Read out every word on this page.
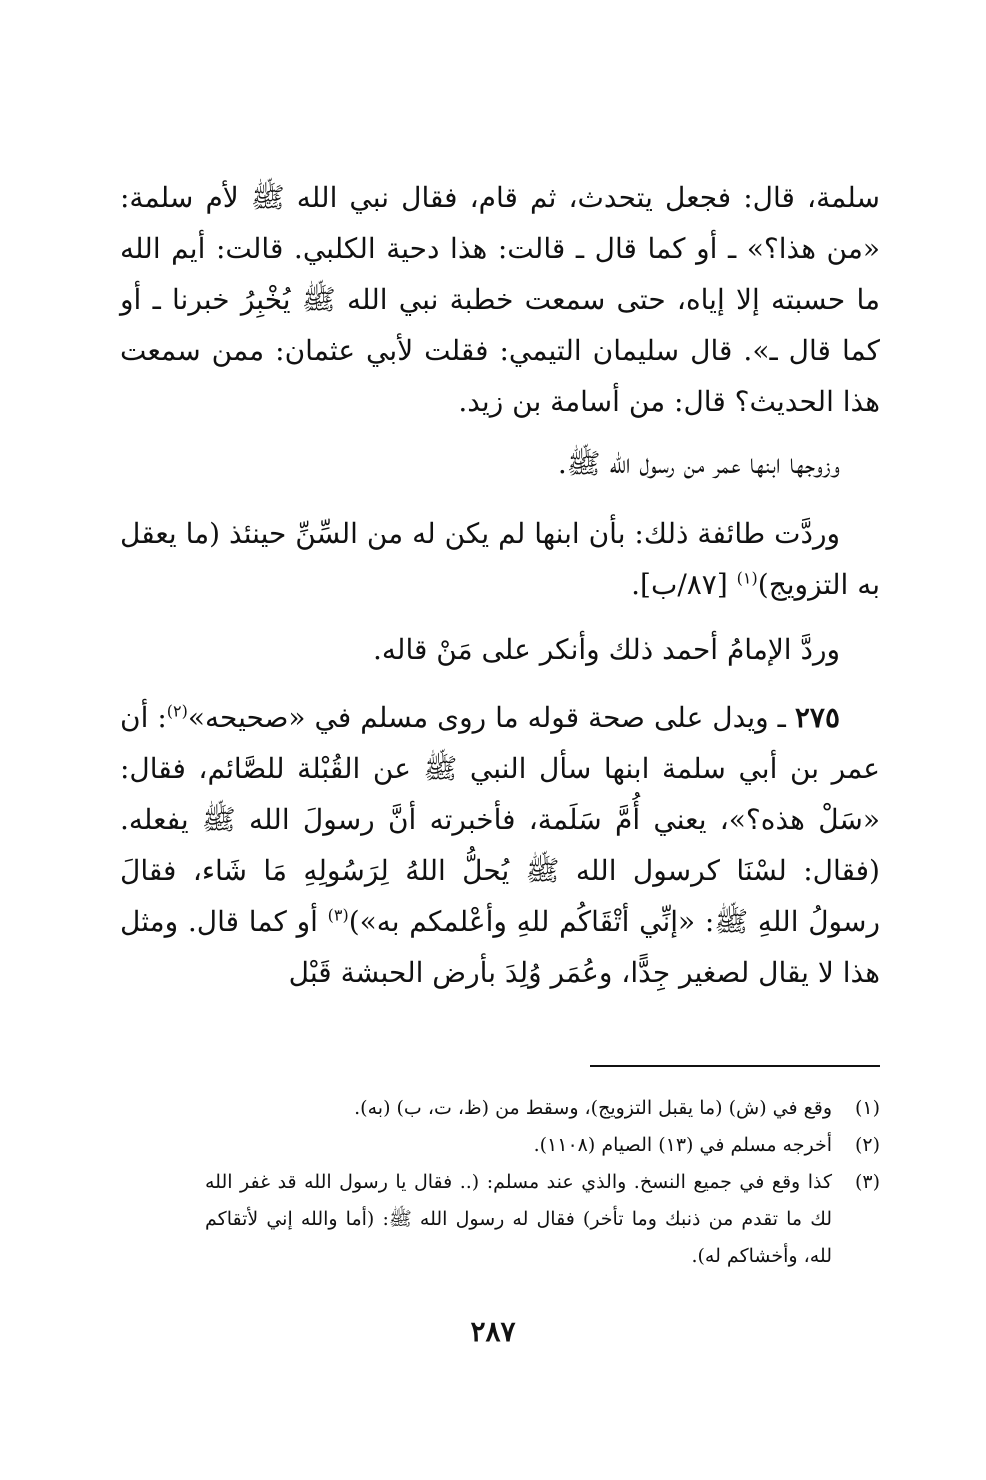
سلمة، قال: فجعل يتحدث، ثم قام، فقال نبي الله ﷺ لأم سلمة: «من هذا؟» ـ أو كما قال ـ قالت: هذا دحية الكلبي. قالت: أيم الله ما حسبته إلا إياه، حتى سمعت خطبة نبي الله ﷺ يُخْبِرُ خبرنا ـ أو كما قال ـ». قال سليمان التيمي: فقلت لأبي عثمان: ممن سمعت هذا الحديث؟ قال: من أسامة بن زيد.

وزوجها ابنها عمر من رسول الله ﷺ.

وردَّت طائفة ذلك: بأن ابنها لم يكن له من السِّنِّ حينئذ (ما يعقل به التزويج)$^{(١)}$ [٨٧/ب].

وردَّ الإمامُ أحمد ذلك وأنكر على مَنْ قاله.

٢٧٥ ـ ويدل على صحة قوله ما روى مسلم في «صحيحه»$^{(٢)}$: أن عمر بن أبي سلمة ابنها سأل النبي ﷺ عن القُبْلة للصَّائم، فقال: «سَلْ هذه؟»، يعني أُمَّ سَلَمة، فأخبرته أنَّ رسولَ الله ﷺ يفعله. (فقال: لسْنَا كرسول الله ﷺ يُحلُّ اللهُ لِرَسُولِهِ مَا شَاء، فقالَ رسولُ اللهِ ﷺ: «إنِّي أتْقَاكُم للهِ وأعْلمكم به»)$^{(٣)}$ أو كما قال. ومثل هذا لا يقال لصغير جِدًّا، وعُمَر وُلِدَ بأرض الحبشة قَبْل

(١)
وقع في (ش) (ما يقبل التزويج)، وسقط من (ظ، ت، ب) (به).
(٢)
أخرجه مسلم في (١٣) الصيام (١١٠٨).
(٣)
كذا وقع في جميع النسخ. والذي عند مسلم: (.. فقال يا رسول الله قد غفر الله لك ما تقدم من ذنبك وما تأخر) فقال له رسول الله ﷺ: (أما والله إني لأتقاكم لله، وأخشاكم له).
٢٨٧
